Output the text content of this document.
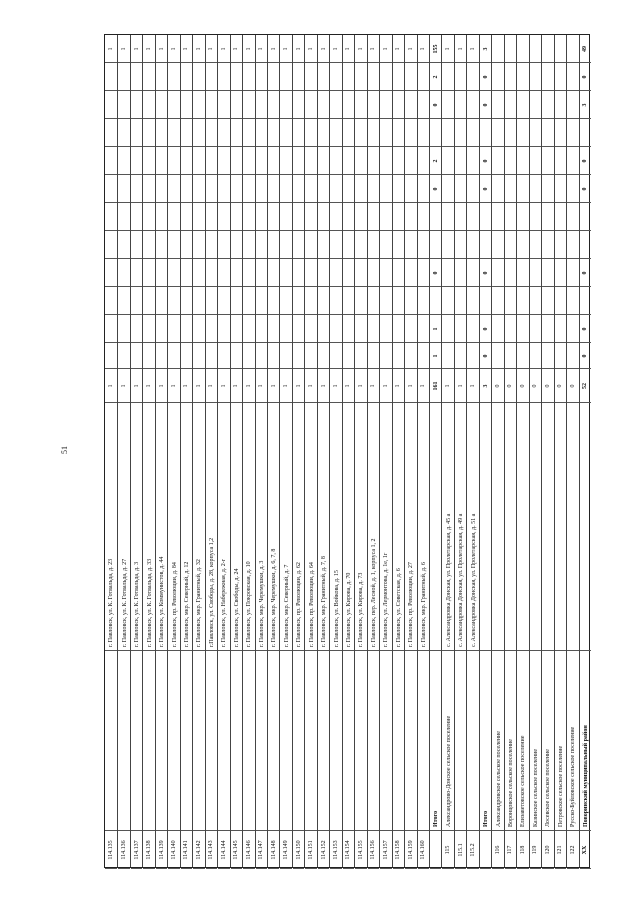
51
1
1
г. Павловск, ул. К. Готвальда, д. 23
114.135
1
1
г. Павловск, ул. К. Готвальда, д. 27
114.136
1
1
г. Павловск, ул. К. Готвальда, д. 3
114.137
1
1
г. Павловск, ул. К. Готвальда, д. 33
114.138
1
1
г. Павловск, ул. Коммунистов, д. 44
114.139
1
1
г. Павловск, пр. Революции, д. 84
114.140
1
1
г. Павловск, мкр. Северный, д. 12
114.141
1
1
г. Павловск, мкр. Гранитный, д. 32
114.142
1
1
г.Павловск, ул. Свободы, д. 28, корпуса 1,2
114.143
1
1
г. Павловск, ул. Набережная, д. 2-г
114.144
1
1
г. Павловск, ул. Свободы, д. 24
114.145
1
1
г. Павловск, ул. Покровская, д. 10
114.146
1
1
г. Павловск, мкр. Черемушки, д. 3
114.147
1
1
г. Павловск, мкр. Черемушки, д. 6, 7, 8
114.148
1
1
г. Павловск, мкр. Северный, д. 7
114.149
1
1
г. Павловск, пр. Революции, д. 62
114.150
1
1
г. Павловск, пр. Революции, д. 64
114.151
1
1
г. Павловск, мкр. Гранитный, д. 7, 8
114.152
1
1
г. Павловск, ул. Войкова, д. 15
114.153
1
1
г. Павловск, ул. Кирова, д. 70
114.154
1
1
г. Павловск, ул. Кирова, д. 73
114.155
1
1
г. Павловск, пер. Лесной, д. 1, корпуса 1, 2
114.156
1
1
г. Павловск, ул. Лермонтова, д. 1е, 1г
114.157
1
1
г. Павловск, ул. Советская, д. 6
114.158
1
1
г. Павловск, пр. Революции, д. 27
114.159
1
1
г. Павловск, мкр. Гранитный, д. 6
114.160
155
2
0
2
0
0
1
1
161
Итого
1
1
с. Александровка Донская, ул. Пролетарская, д. 45 а
Александрово-Донское сельское поселение
115
1
1
с. Александровка Донская, ул. Пролетарская, д. 49 а
115.1
1
1
с. Александровка Донская, ул. Пролетарская, д. 51 а
115.2
3
0
0
0
0
0
0
0
3
Итого
0
Александровское сельское поселение
116
0
Воронцовское сельское поселение
117
0
Елизаветовское сельское поселение
118
0
Казинское сельское поселение
119
0
Лосевское сельское поселение
120
0
Петровское сельское поселение
121
0
Русско-Буйловское сельское поселение
122
49
0
3
0
0
0
0
0
52
Поворинский муниципальный район
XX
